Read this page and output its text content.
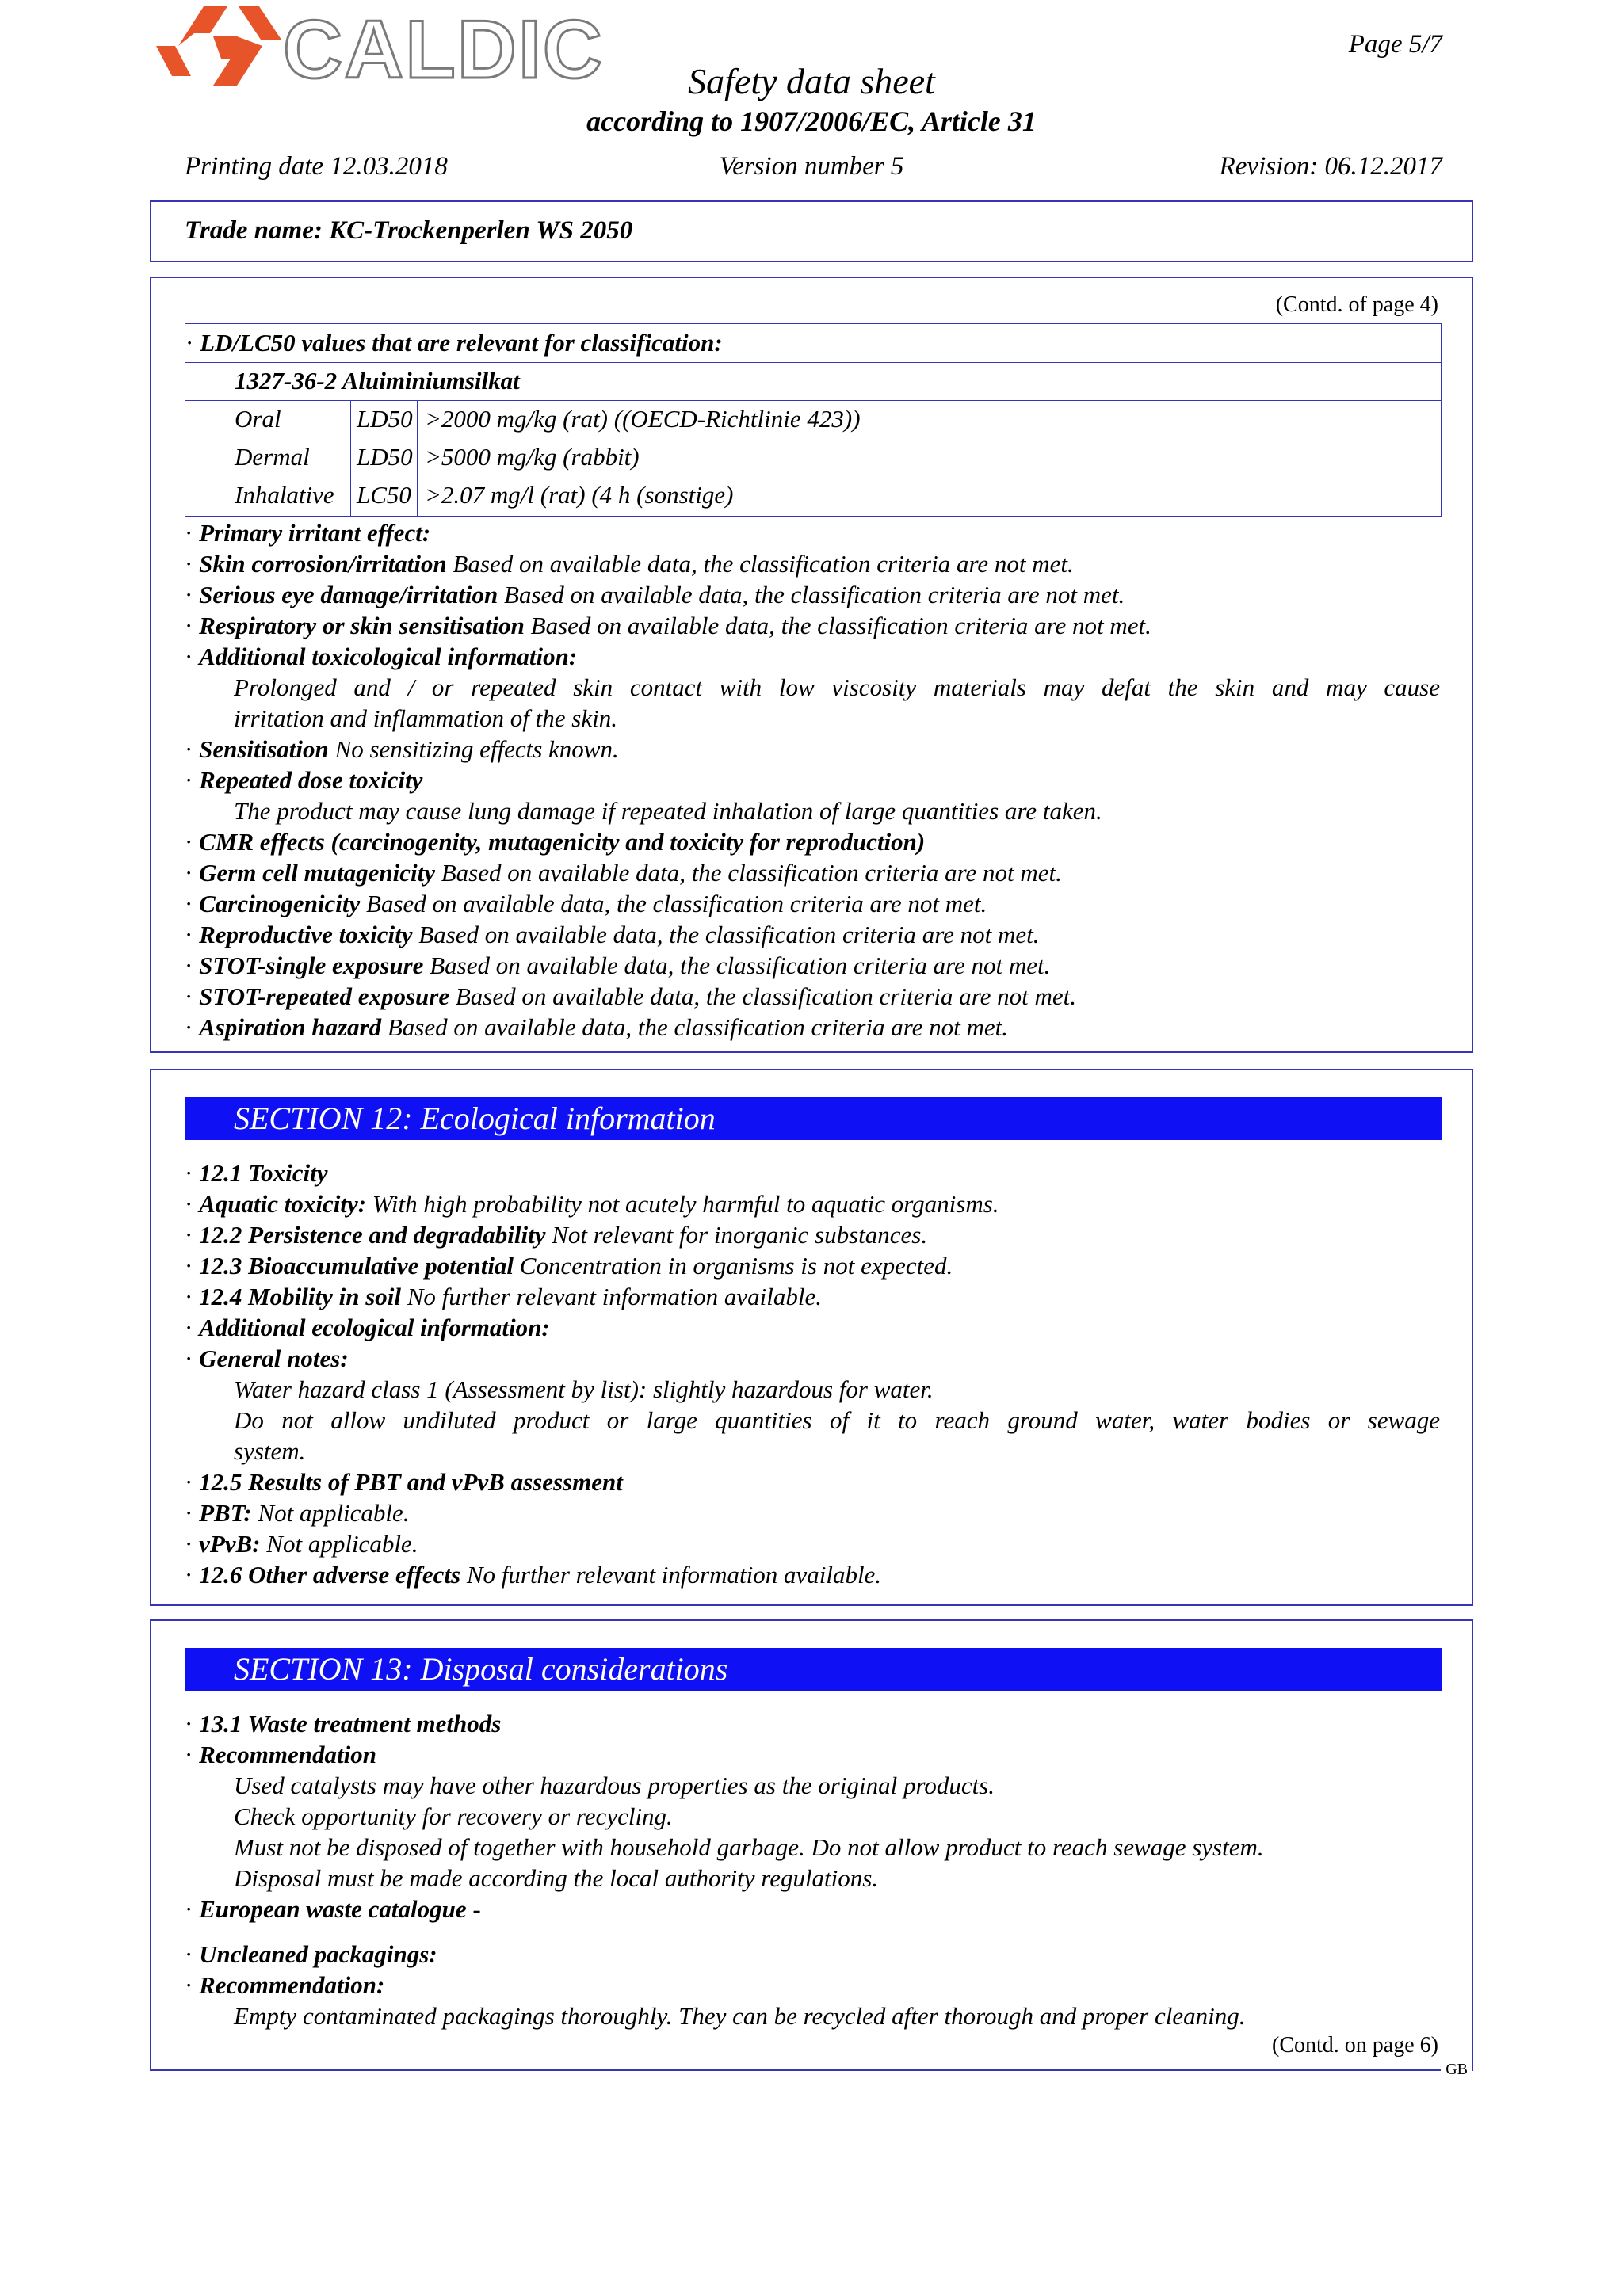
CALDIC	Page 5/7
Safety data sheet
according to 1907/2006/EC, Article 31
Printing date 12.03.2018	Version number 5	Revision: 06.12.2017
Trade name: KC-Trockenperlen WS 2050
(Contd. of page 4)
· LD/LC50 values that are relevant for classification:
1327-36-2 Aluiminiumsilkat
Oral	LD50 >2000 mg/kg (rat) ((OECD-Richtlinie 423))
Dermal LD50 >5000 mg/kg (rabbit)
Inhalative LC50 >2.07 mg/l (rat) (4 h (sonstige)
· Primary irritant effect:
· Skin corrosion/irritation Based on available data, the classification criteria are not met.
· Serious eye damage/irritation Based on available data, the classification criteria are not met.
· Respiratory or skin sensitisation Based on available data, the classification criteria are not met.
· Additional toxicological information:
Prolonged and / or repeated skin contact with low viscosity materials may defat the skin and may cause
irritation and inflammation of the skin.
· Sensitisation No sensitizing effects known.
· Repeated dose toxicity
The product may cause lung damage if repeated inhalation of large quantities are taken.
· CMR effects (carcinogenity, mutagenicity and toxicity for reproduction)
· Germ cell mutagenicity Based on available data, the classification criteria are not met.
· Carcinogenicity Based on available data, the classification criteria are not met.
· Reproductive toxicity Based on available data, the classification criteria are not met.
· STOT-single exposure Based on available data, the classification criteria are not met.
· STOT-repeated exposure Based on available data, the classification criteria are not met.
· Aspiration hazard Based on available data, the classification criteria are not met.
SECTION 12: Ecological information
· 12.1 Toxicity
· Aquatic toxicity: With high probability not acutely harmful to aquatic organisms.
· 12.2 Persistence and degradability Not relevant for inorganic substances.
· 12.3 Bioaccumulative potential Concentration in organisms is not expected.
· 12.4 Mobility in soil No further relevant information available.
· Additional ecological information:
· General notes:
Water hazard class 1 (Assessment by list): slightly hazardous for water.
Do not allow undiluted product or large quantities of it to reach ground water, water bodies or sewage
system.
· 12.5 Results of PBT and vPvB assessment
· PBT: Not applicable.
· vPvB: Not applicable.
· 12.6 Other adverse effects No further relevant information available.
SECTION 13: Disposal considerations
· 13.1 Waste treatment methods
· Recommendation
Used catalysts may have other hazardous properties as the original products.
Check opportunity for recovery or recycling.
Must not be disposed of together with household garbage. Do not allow product to reach sewage system.
Disposal must be made according the local authority regulations.
· European waste catalogue -
· Uncleaned packagings:
· Recommendation:
Empty contaminated packagings thoroughly. They can be recycled after thorough and proper cleaning.
(Contd. on page 6)
GB
